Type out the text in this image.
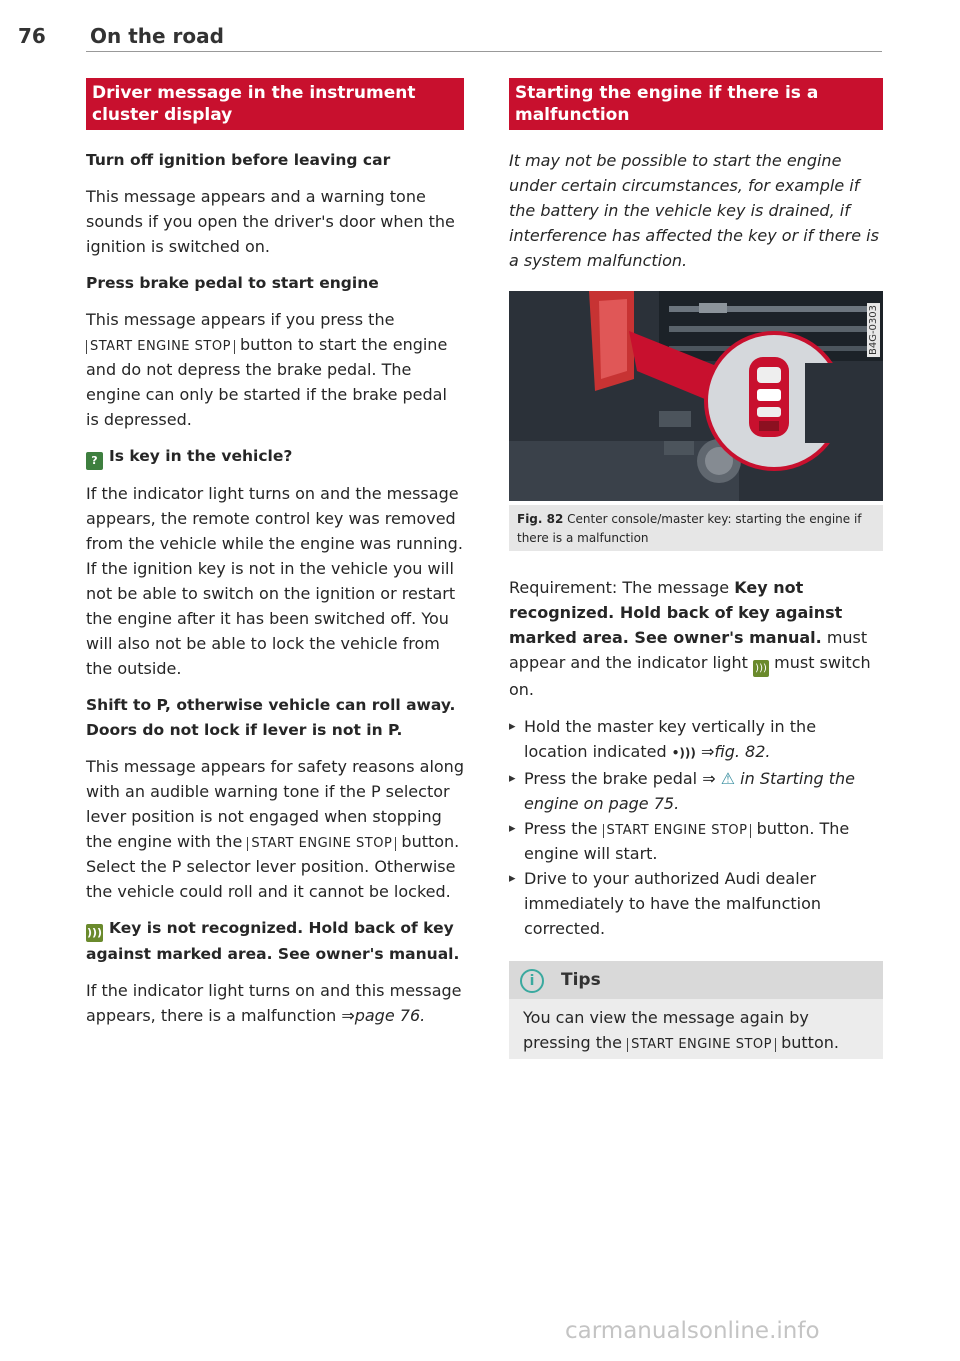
76 On the road
Driver message in the instrument cluster display
Turn off ignition before leaving car

This message appears and a warning tone sounds if you open the driver's door when the ignition is switched on.

Press brake pedal to start engine

This message appears if you press the START ENGINE STOP button to start the engine and do not depress the brake pedal. The engine can only be started if the brake pedal is depressed.

? Is key in the vehicle?

If the indicator light turns on and the message appears, the remote control key was removed from the vehicle while the engine was running. If the ignition key is not in the vehicle you will not be able to switch on the ignition or restart the engine after it has been switched off. You will also not be able to lock the vehicle from the outside.

Shift to P, otherwise vehicle can roll away. Doors do not lock if lever is not in P.

This message appears for safety reasons along with an audible warning tone if the P selector lever position is not engaged when stopping the engine with the START ENGINE STOP button. Select the P selector lever position. Otherwise the vehicle could roll and it cannot be locked.

))) Key is not recognized. Hold back of key against marked area. See owner's manual.

If the indicator light turns on and this message appears, there is a malfunction ⇒page 76.

Starting the engine if there is a malfunction
It may not be possible to start the engine under certain circumstances, for example if the battery in the vehicle key is drained, if interference has affected the key or if there is a system malfunction.
B4G-0303
Fig. 82 Center console/master key: starting the engine if there is a malfunction

Requirement: The message Key not recognized. Hold back of key against marked area. See owner's manual. must appear and the indicator light ))) must switch on.

▸ Hold the master key vertically in the location indicated •))) ⇒fig. 82.
▸ Press the brake pedal ⇒ ⚠ in Starting the engine on page 75.
▸ Press the START ENGINE STOP button. The engine will start.
▸ Drive to your authorized Audi dealer immediately to have the malfunction corrected.
i	Tips
You can view the message again by pressing the START ENGINE STOP button.
carmanualsonline.info
